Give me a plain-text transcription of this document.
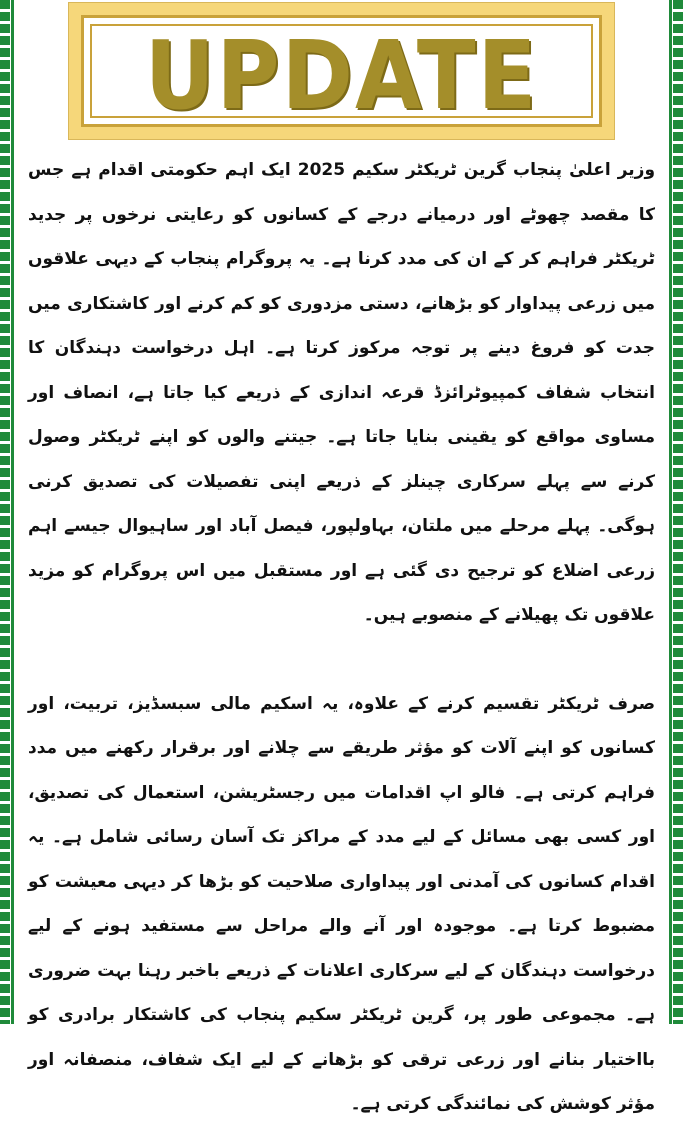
UPDATE

وزیر اعلیٰ پنجاب گرین ٹریکٹر سکیم 2025 ایک اہم حکومتی اقدام ہے جس کا مقصد چھوٹے اور درمیانے درجے کے کسانوں کو رعایتی نرخوں پر جدید ٹریکٹر فراہم کر کے ان کی مدد کرنا ہے۔ یہ پروگرام پنجاب کے دیہی علاقوں میں زرعی پیداوار کو بڑھانے، دستی مزدوری کو کم کرنے اور کاشتکاری میں جدت کو فروغ دینے پر توجہ مرکوز کرتا ہے۔ اہل درخواست دہندگان کا انتخاب شفاف کمپیوٹرائزڈ قرعہ اندازی کے ذریعے کیا جاتا ہے، انصاف اور مساوی مواقع کو یقینی بنایا جاتا ہے۔ جیتنے والوں کو اپنے ٹریکٹر وصول کرنے سے پہلے سرکاری چینلز کے ذریعے اپنی تفصیلات کی تصدیق کرنی ہوگی۔ پہلے مرحلے میں ملتان، بہاولپور، فیصل آباد اور ساہیوال جیسے اہم زرعی اضلاع کو ترجیح دی گئی ہے اور مستقبل میں اس پروگرام کو مزید علاقوں تک پھیلانے کے منصوبے ہیں۔

صرف ٹریکٹر تقسیم کرنے کے علاوہ، یہ اسکیم مالی سبسڈیز، تربیت، اور کسانوں کو اپنے آلات کو مؤثر طریقے سے چلانے اور برقرار رکھنے میں مدد فراہم کرتی ہے۔ فالو اپ اقدامات میں رجسٹریشن، استعمال کی تصدیق، اور کسی بھی مسائل کے لیے مدد کے مراکز تک آسان رسائی شامل ہے۔ یہ اقدام کسانوں کی آمدنی اور پیداواری صلاحیت کو بڑھا کر دیہی معیشت کو مضبوط کرتا ہے۔ موجودہ اور آنے والے مراحل سے مستفید ہونے کے لیے درخواست دہندگان کے لیے سرکاری اعلانات کے ذریعے باخبر رہنا بہت ضروری ہے۔ مجموعی طور پر، گرین ٹریکٹر سکیم پنجاب کی کاشتکار برادری کو بااختیار بنانے اور زرعی ترقی کو بڑھانے کے لیے ایک شفاف، منصفانہ اور مؤثر کوشش کی نمائندگی کرتی ہے۔
